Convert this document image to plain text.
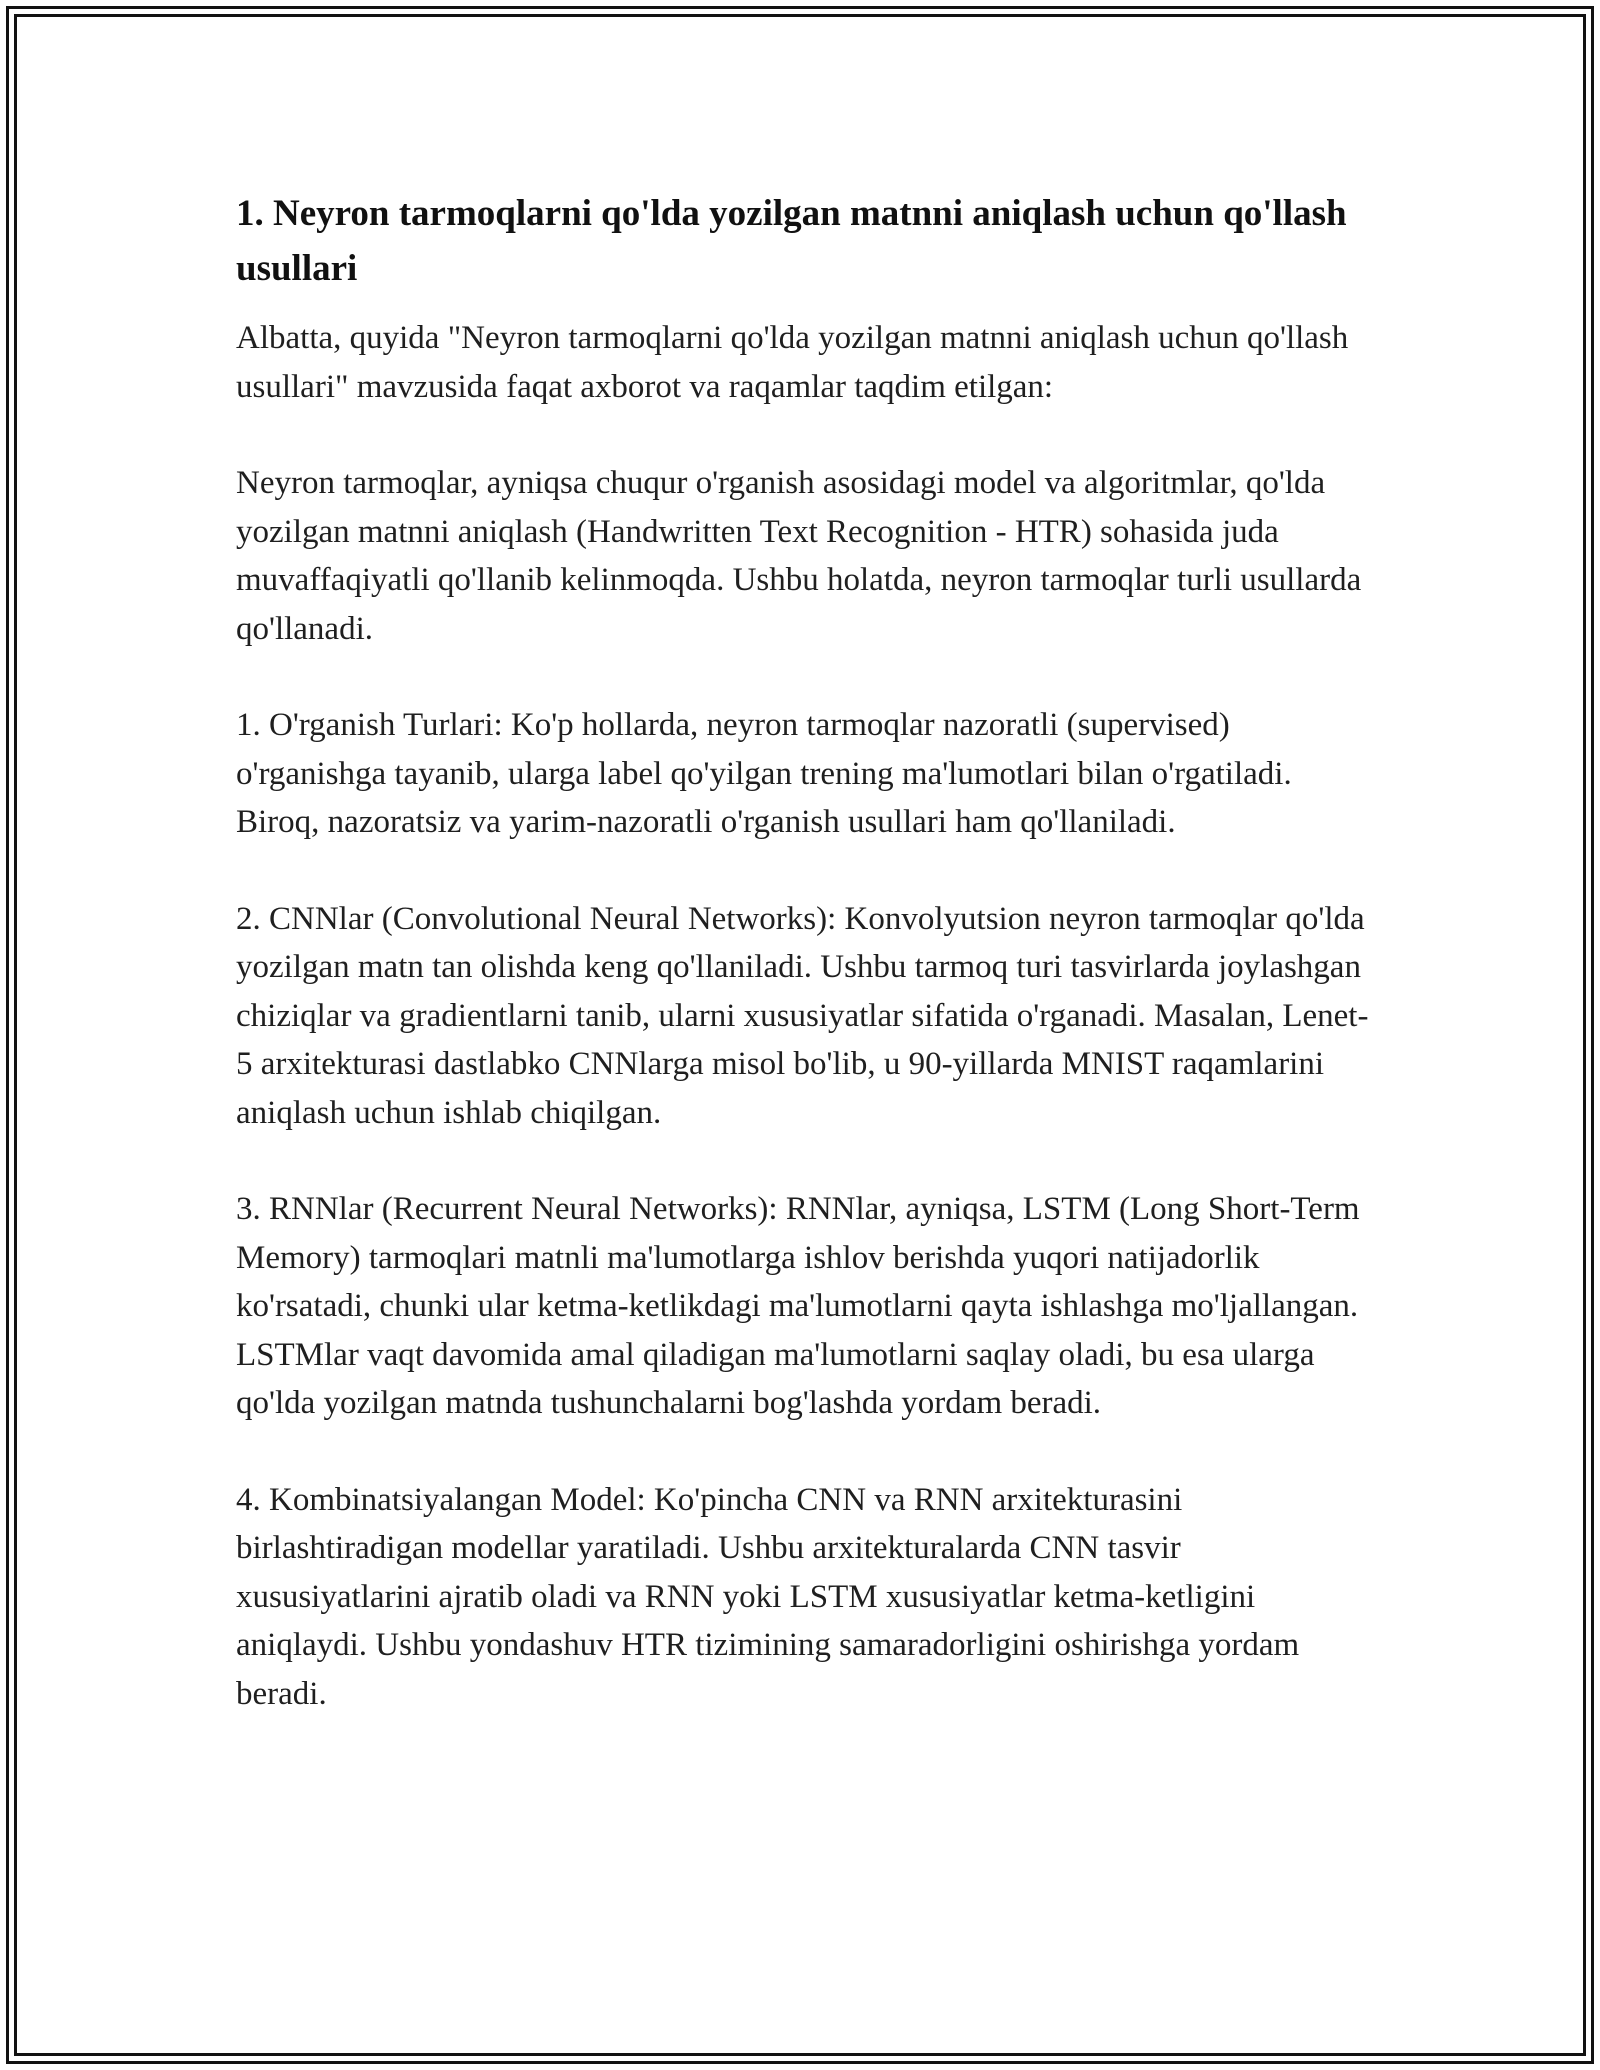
1. Neyron tarmoqlarni qo'lda yozilgan matnni aniqlash uchun qo'llash usullari

Albatta, quyida "Neyron tarmoqlarni qo'lda yozilgan matnni aniqlash uchun qo'llash usullari" mavzusida faqat axborot va raqamlar taqdim etilgan:

Neyron tarmoqlar, ayniqsa chuqur o'rganish asosidagi model va algoritmlar, qo'lda yozilgan matnni aniqlash (Handwritten Text Recognition - HTR) sohasida juda muvaffaqiyatli qo'llanib kelinmoqda. Ushbu holatda, neyron tarmoqlar turli usullarda qo'llanadi.

1. O'rganish Turlari: Ko'p hollarda, neyron tarmoqlar nazoratli (supervised) o'rganishga tayanib, ularga label qo'yilgan trening ma'lumotlari bilan o'rgatiladi. Biroq, nazoratsiz va yarim-nazoratli o'rganish usullari ham qo'llaniladi.

2. CNNlar (Convolutional Neural Networks): Konvolyutsion neyron tarmoqlar qo'lda yozilgan matn tan olishda keng qo'llaniladi. Ushbu tarmoq turi tasvirlarda joylashgan chiziqlar va gradientlarni tanib, ularni xususiyatlar sifatida o'rganadi. Masalan, Lenet-5 arxitekturasi dastlabko CNNlarga misol bo'lib, u 90-yillarda MNIST raqamlarini aniqlash uchun ishlab chiqilgan.

3. RNNlar (Recurrent Neural Networks): RNNlar, ayniqsa, LSTM (Long Short-Term Memory) tarmoqlari matnli ma'lumotlarga ishlov berishda yuqori natijadorlik ko'rsatadi, chunki ular ketma-ketlikdagi ma'lumotlarni qayta ishlashga mo'ljallangan. LSTMlar vaqt davomida amal qiladigan ma'lumotlarni saqlay oladi, bu esa ularga qo'lda yozilgan matnda tushunchalarni bog'lashda yordam beradi.

4. Kombinatsiyalangan Model: Ko'pincha CNN va RNN arxitekturasini birlashtiradigan modellar yaratiladi. Ushbu arxitekturalarda CNN tasvir xususiyatlarini ajratib oladi va RNN yoki LSTM xususiyatlar ketma-ketligini aniqlaydi. Ushbu yondashuv HTR tizimining samaradorligini oshirishga yordam beradi.
